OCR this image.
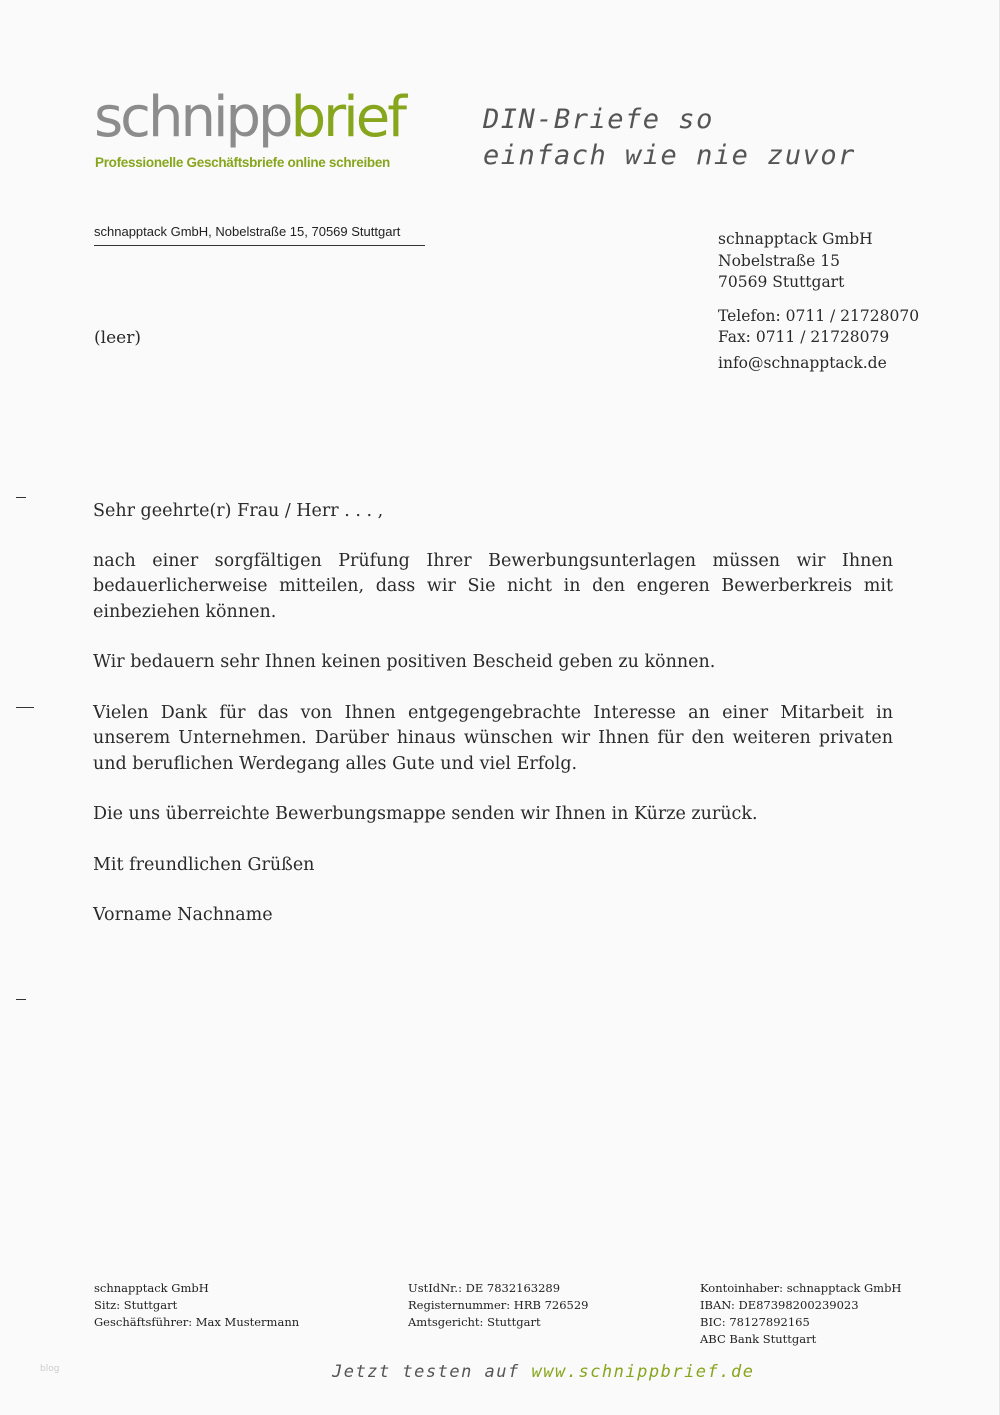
schnippbrief
Professionelle Geschäftsbriefe online schreiben
DIN-Briefe so
einfach wie nie zuvor
schnapptack GmbH, Nobelstraße 15, 70569 Stuttgart
(leer)
schnapptack GmbH
Nobelstraße 15
70569 Stuttgart
Telefon: 0711 / 21728070
Fax: 0711 / 21728079
info@schnapptack.de

Sehr geehrte(r) Frau / Herr . . . ,

nach einer sorgfältigen Prüfung Ihrer Bewerbungsunterlagen müssen wir Ihnen bedauerlicherweise mitteilen, dass wir Sie nicht in den engeren Bewerberkreis mit einbeziehen können.

Wir bedauern sehr Ihnen keinen positiven Bescheid geben zu können.

Vielen Dank für das von Ihnen entgegengebrachte Interesse an einer Mitarbeit in unserem Unternehmen. Darüber hinaus wünschen wir Ihnen für den weiteren privaten und beruflichen Werdegang alles Gute und viel Erfolg.

Die uns überreichte Bewerbungsmappe senden wir Ihnen in Kürze zurück.

Mit freundlichen Grüßen

Vorname Nachname

schnapptack GmbH
Sitz: Stuttgart
Geschäftsführer: Max Mustermann
UstIdNr.: DE 7832163289
Registernummer: HRB 726529
Amtsgericht: Stuttgart
Kontoinhaber: schnapptack GmbH
IBAN: DE87398200239023
BIC: 78127892165
ABC Bank Stuttgart
blog	Jetzt testen auf www.schnippbrief.de
